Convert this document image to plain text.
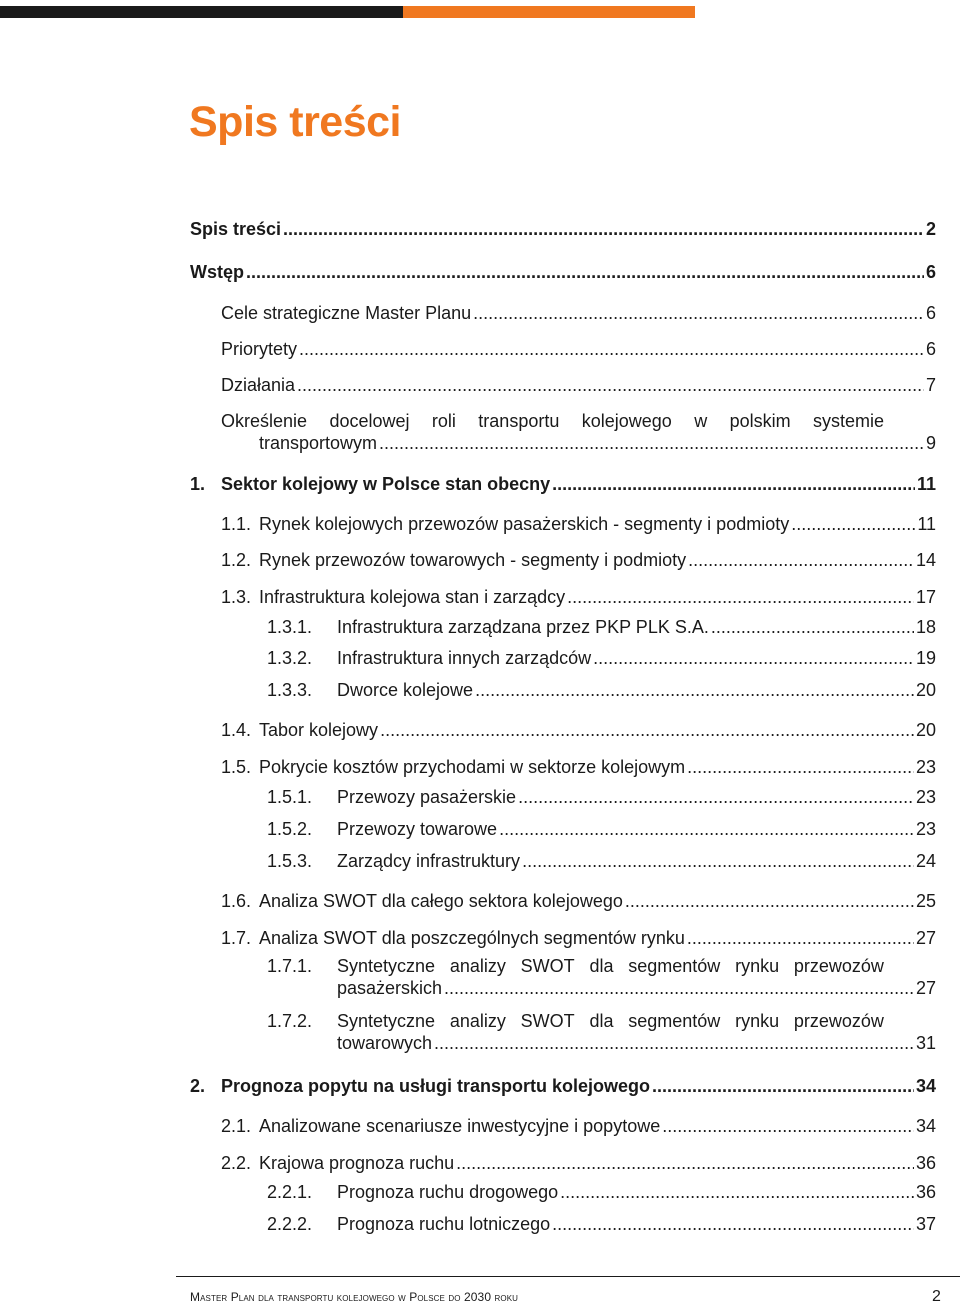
Spis treści
Spis treści .....	2
Wstęp .....	6
Cele strategiczne Master Planu .....	6
Priorytety .....	6
Działania .....	7
Określenie docelowej roli transportu kolejowego w polskim systemie
transportowym .....	9
1. Sektor kolejowy w Polsce stan obecny .....	11
1.1. Rynek kolejowych przewozów pasażerskich - segmenty i podmioty .....	11
1.2. Rynek przewozów towarowych - segmenty i podmioty .....	14
1.3. Infrastruktura kolejowa stan i zarządcy .....	17
1.3.1.	Infrastruktura zarządzana przez PKP PLK S.A. .....	18
1.3.2.	Infrastruktura innych zarządców .....	19
1.3.3.	Dworce kolejowe .....	20
1.4. Tabor kolejowy .....	20
1.5. Pokrycie kosztów przychodami w sektorze kolejowym .....	23
1.5.1.	Przewozy pasażerskie .....	23
1.5.2.	Przewozy towarowe .....	23
1.5.3.	Zarządcy infrastruktury .....	24
1.6. Analiza SWOT dla całego sektora kolejowego .....	25
1.7. Analiza SWOT dla poszczególnych segmentów rynku .....	27
1.7.1. Syntetyczne analizy SWOT dla segmentów rynku przewozów
pasażerskich .....	27
1.7.2. Syntetyczne analizy SWOT dla segmentów rynku przewozów
towarowych .....	31
2. Prognoza popytu na usługi transportu kolejowego .....	34
2.1. Analizowane scenariusze inwestycyjne i popytowe .....	34
2.2. Krajowa prognoza ruchu .....	36
2.2.1.	Prognoza ruchu drogowego .....	36
2.2.2.	Prognoza ruchu lotniczego .....	37
Master Plan dla transportu kolejowego w Polsce do 2030 roku	2
